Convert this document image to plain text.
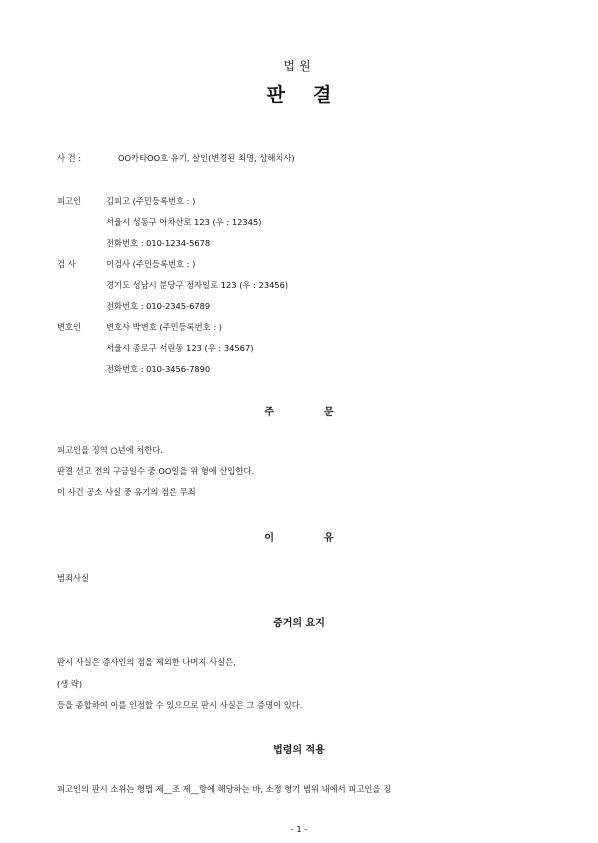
법원
판결
사 건 :	OO카타OO호 유기, 살인(변경된 죄명, 상해치사)
피고인	김피고 (주민등록번호 : )
서울시 성동구 아차산로 123 (우 : 12345)
전화번호 : 010-1234-5678
검 사	이검사 (주민등록번호 : )
경기도 성남시 분당구 정자일로 123 (우 : 23456)
전화번호 : 010-2345-6789
변호인	변호사 박변호 (주민등록번호 : )
서울시 종로구 서린동 123 (우 : 34567)
전화번호 : 010-3456-7890
주문
피고인을 징역 ○년에 처한다.
판결 선고 전의 구금일수 중 OO일을 위 형에 산입한다.
이 사건 공소 사실 중 유기의 점은 무죄
이유
범죄사실
증거의 요지
판시 사실은 증사인의 점을 제외한 나머지 사실은,
(생 략)
등을 종합하여 이를 인정할 수 있으므로 판시 사실은 그 증명이 있다.
법령의 적용
피고인의 판시 소위는 형법 제__조 제__항에 해당하는 바, 소정 형기 범위 내에서 피고인을 징
- 1 -
